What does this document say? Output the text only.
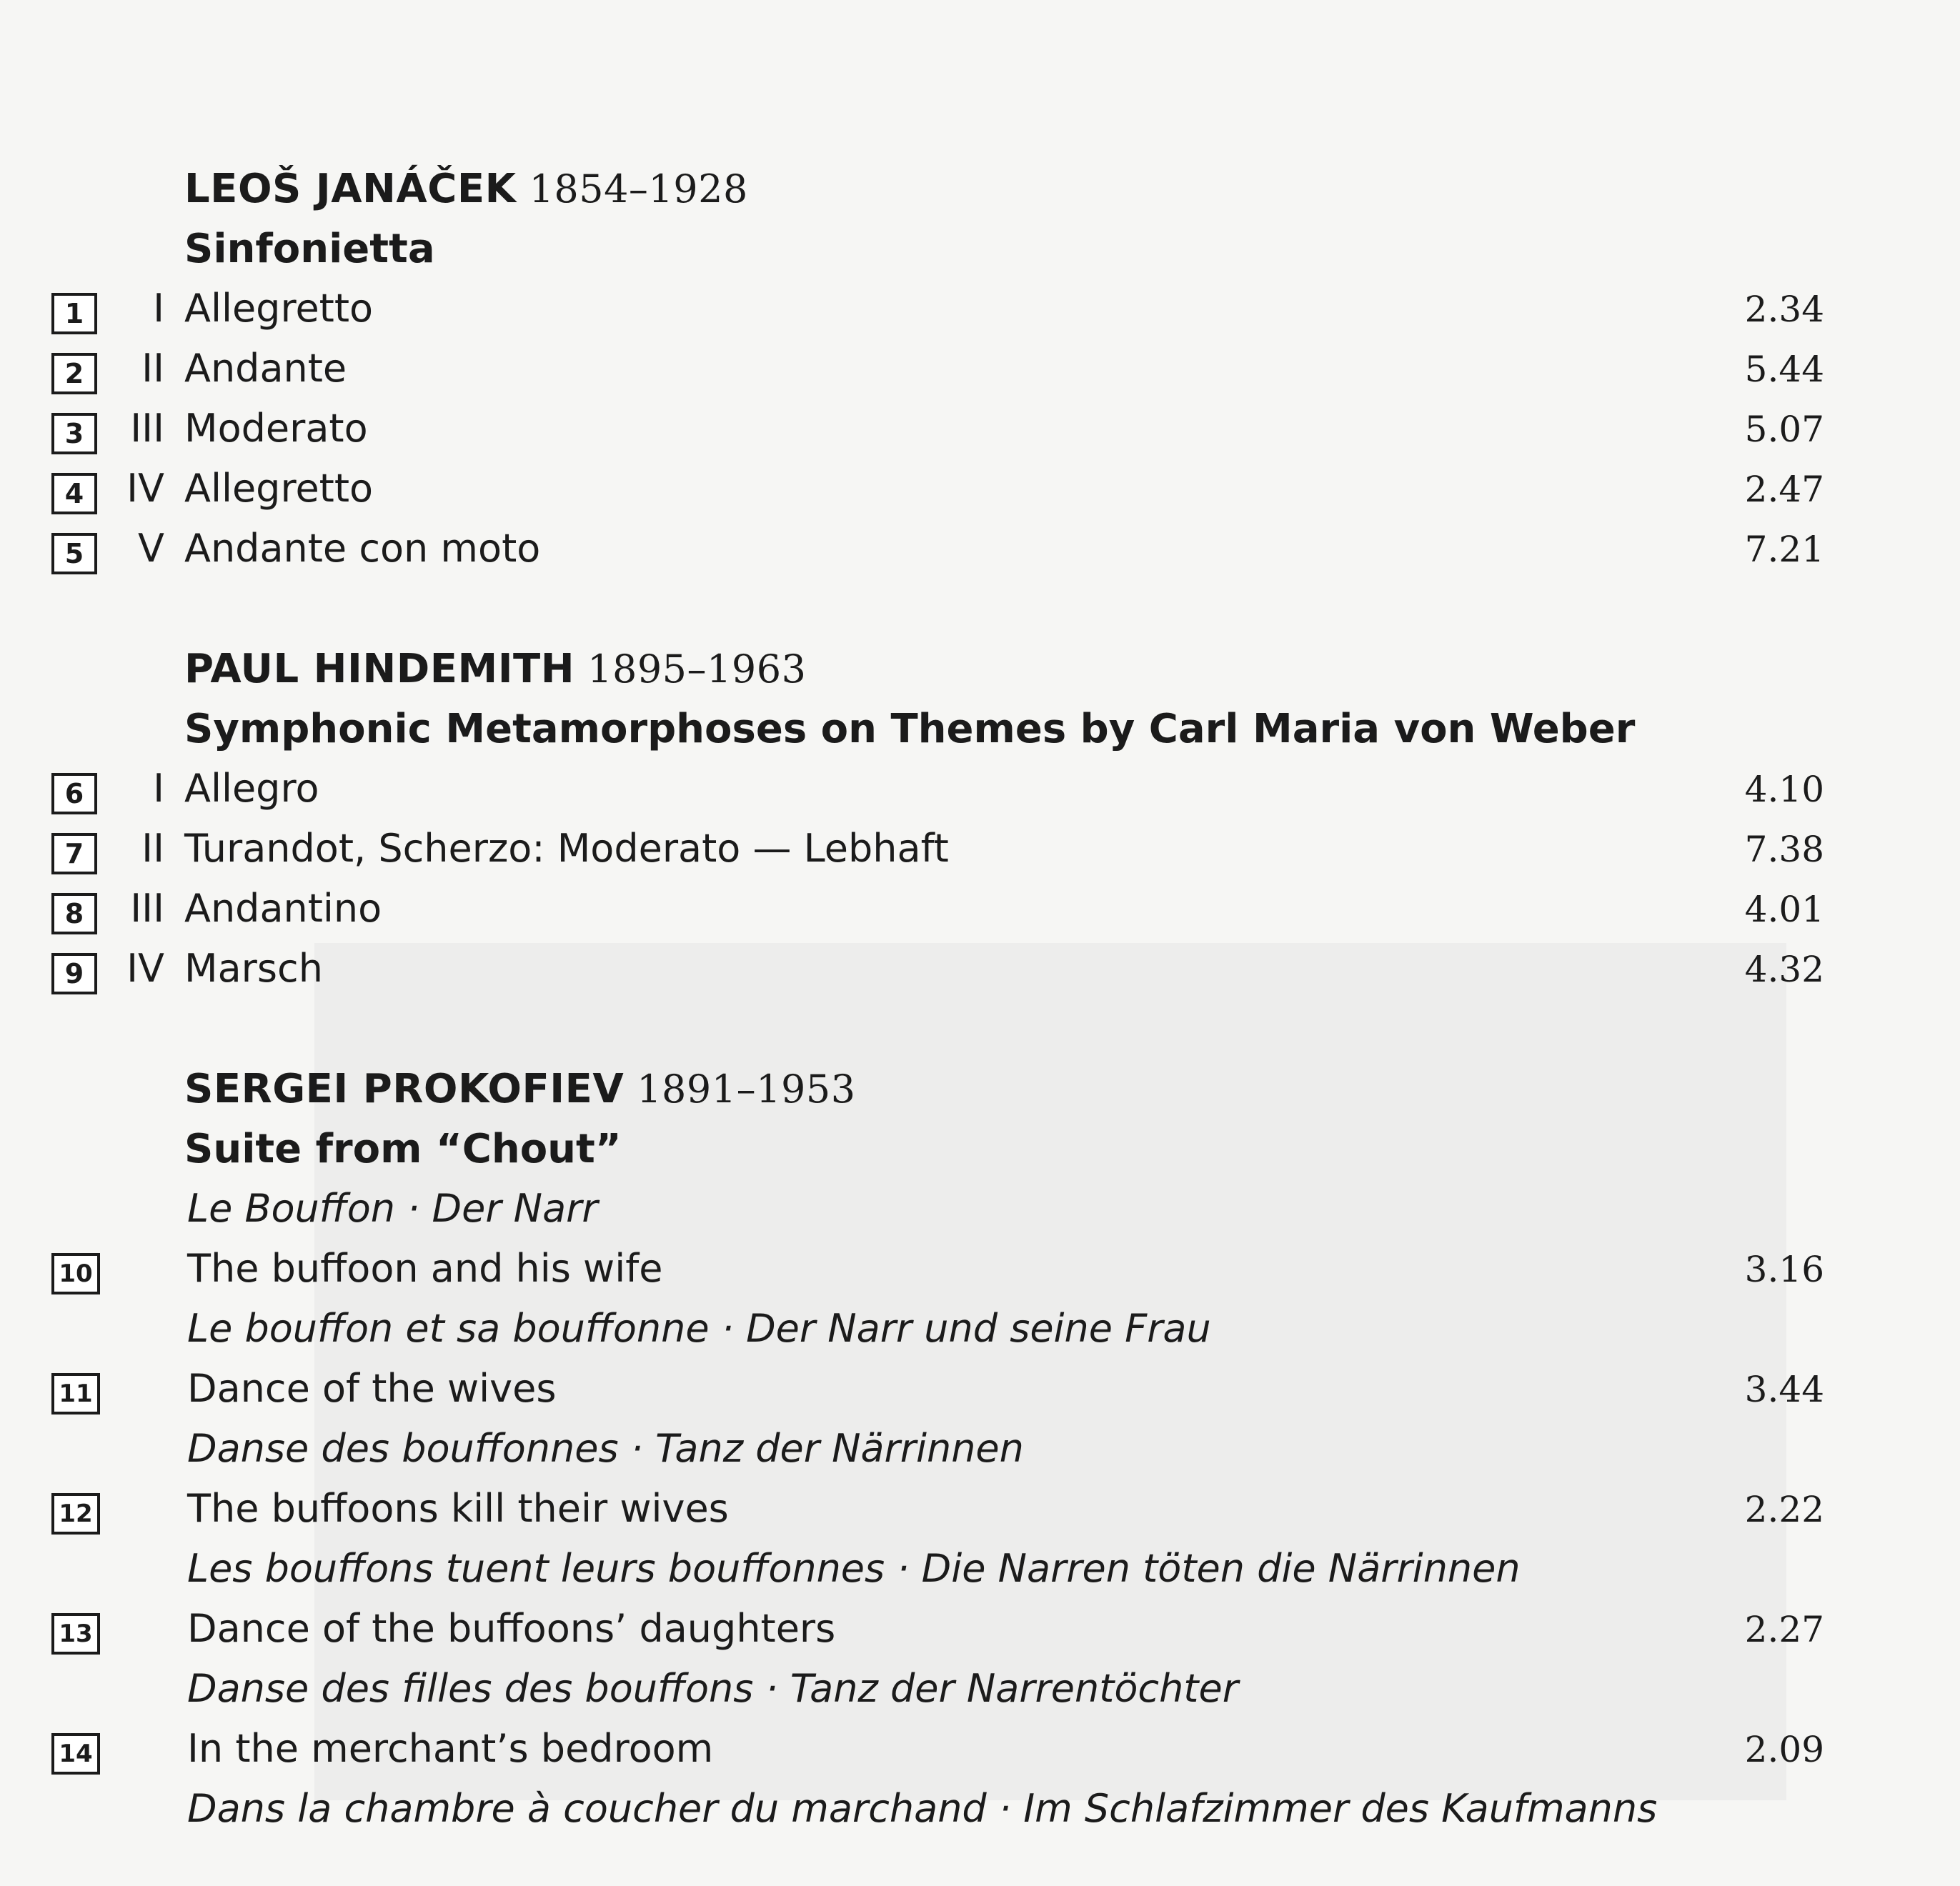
LEOŠ JANÁČEK 1854–1928
Sinfonietta
1	I Allegretto	2.34
2	II Andante	5.44
3	III Moderato	5.07
4	IV Allegretto	2.47
5	V Andante con moto	7.21
PAUL HINDEMITH 1895–1963
Symphonic Metamorphoses on Themes by Carl Maria von Weber
6	I Allegro	4.10
7	II Turandot, Scherzo: Moderato — Lebhaft	7.38
8	III Andantino	4.01
9	IV Marsch	4.32
SERGEI PROKOFIEV 1891–1953
Suite from “Chout”
Le Bouffon · Der Narr
10 The buffoon and his wife	3.16
Le bouffon et sa bouffonne · Der Narr und seine Frau
11 Dance of the wives	3.44
Danse des bouffonnes · Tanz der Närrinnen
12 The buffoons kill their wives	2.22
Les bouffons tuent leurs bouffonnes · Die Narren töten die Närrinnen
13 Dance of the buffoons’ daughters	2.27
Danse des filles des bouffons · Tanz der Narrentöchter
14 In the merchant’s bedroom	2.09
Dans la chambre à coucher du marchand · Im Schlafzimmer des Kaufmanns
